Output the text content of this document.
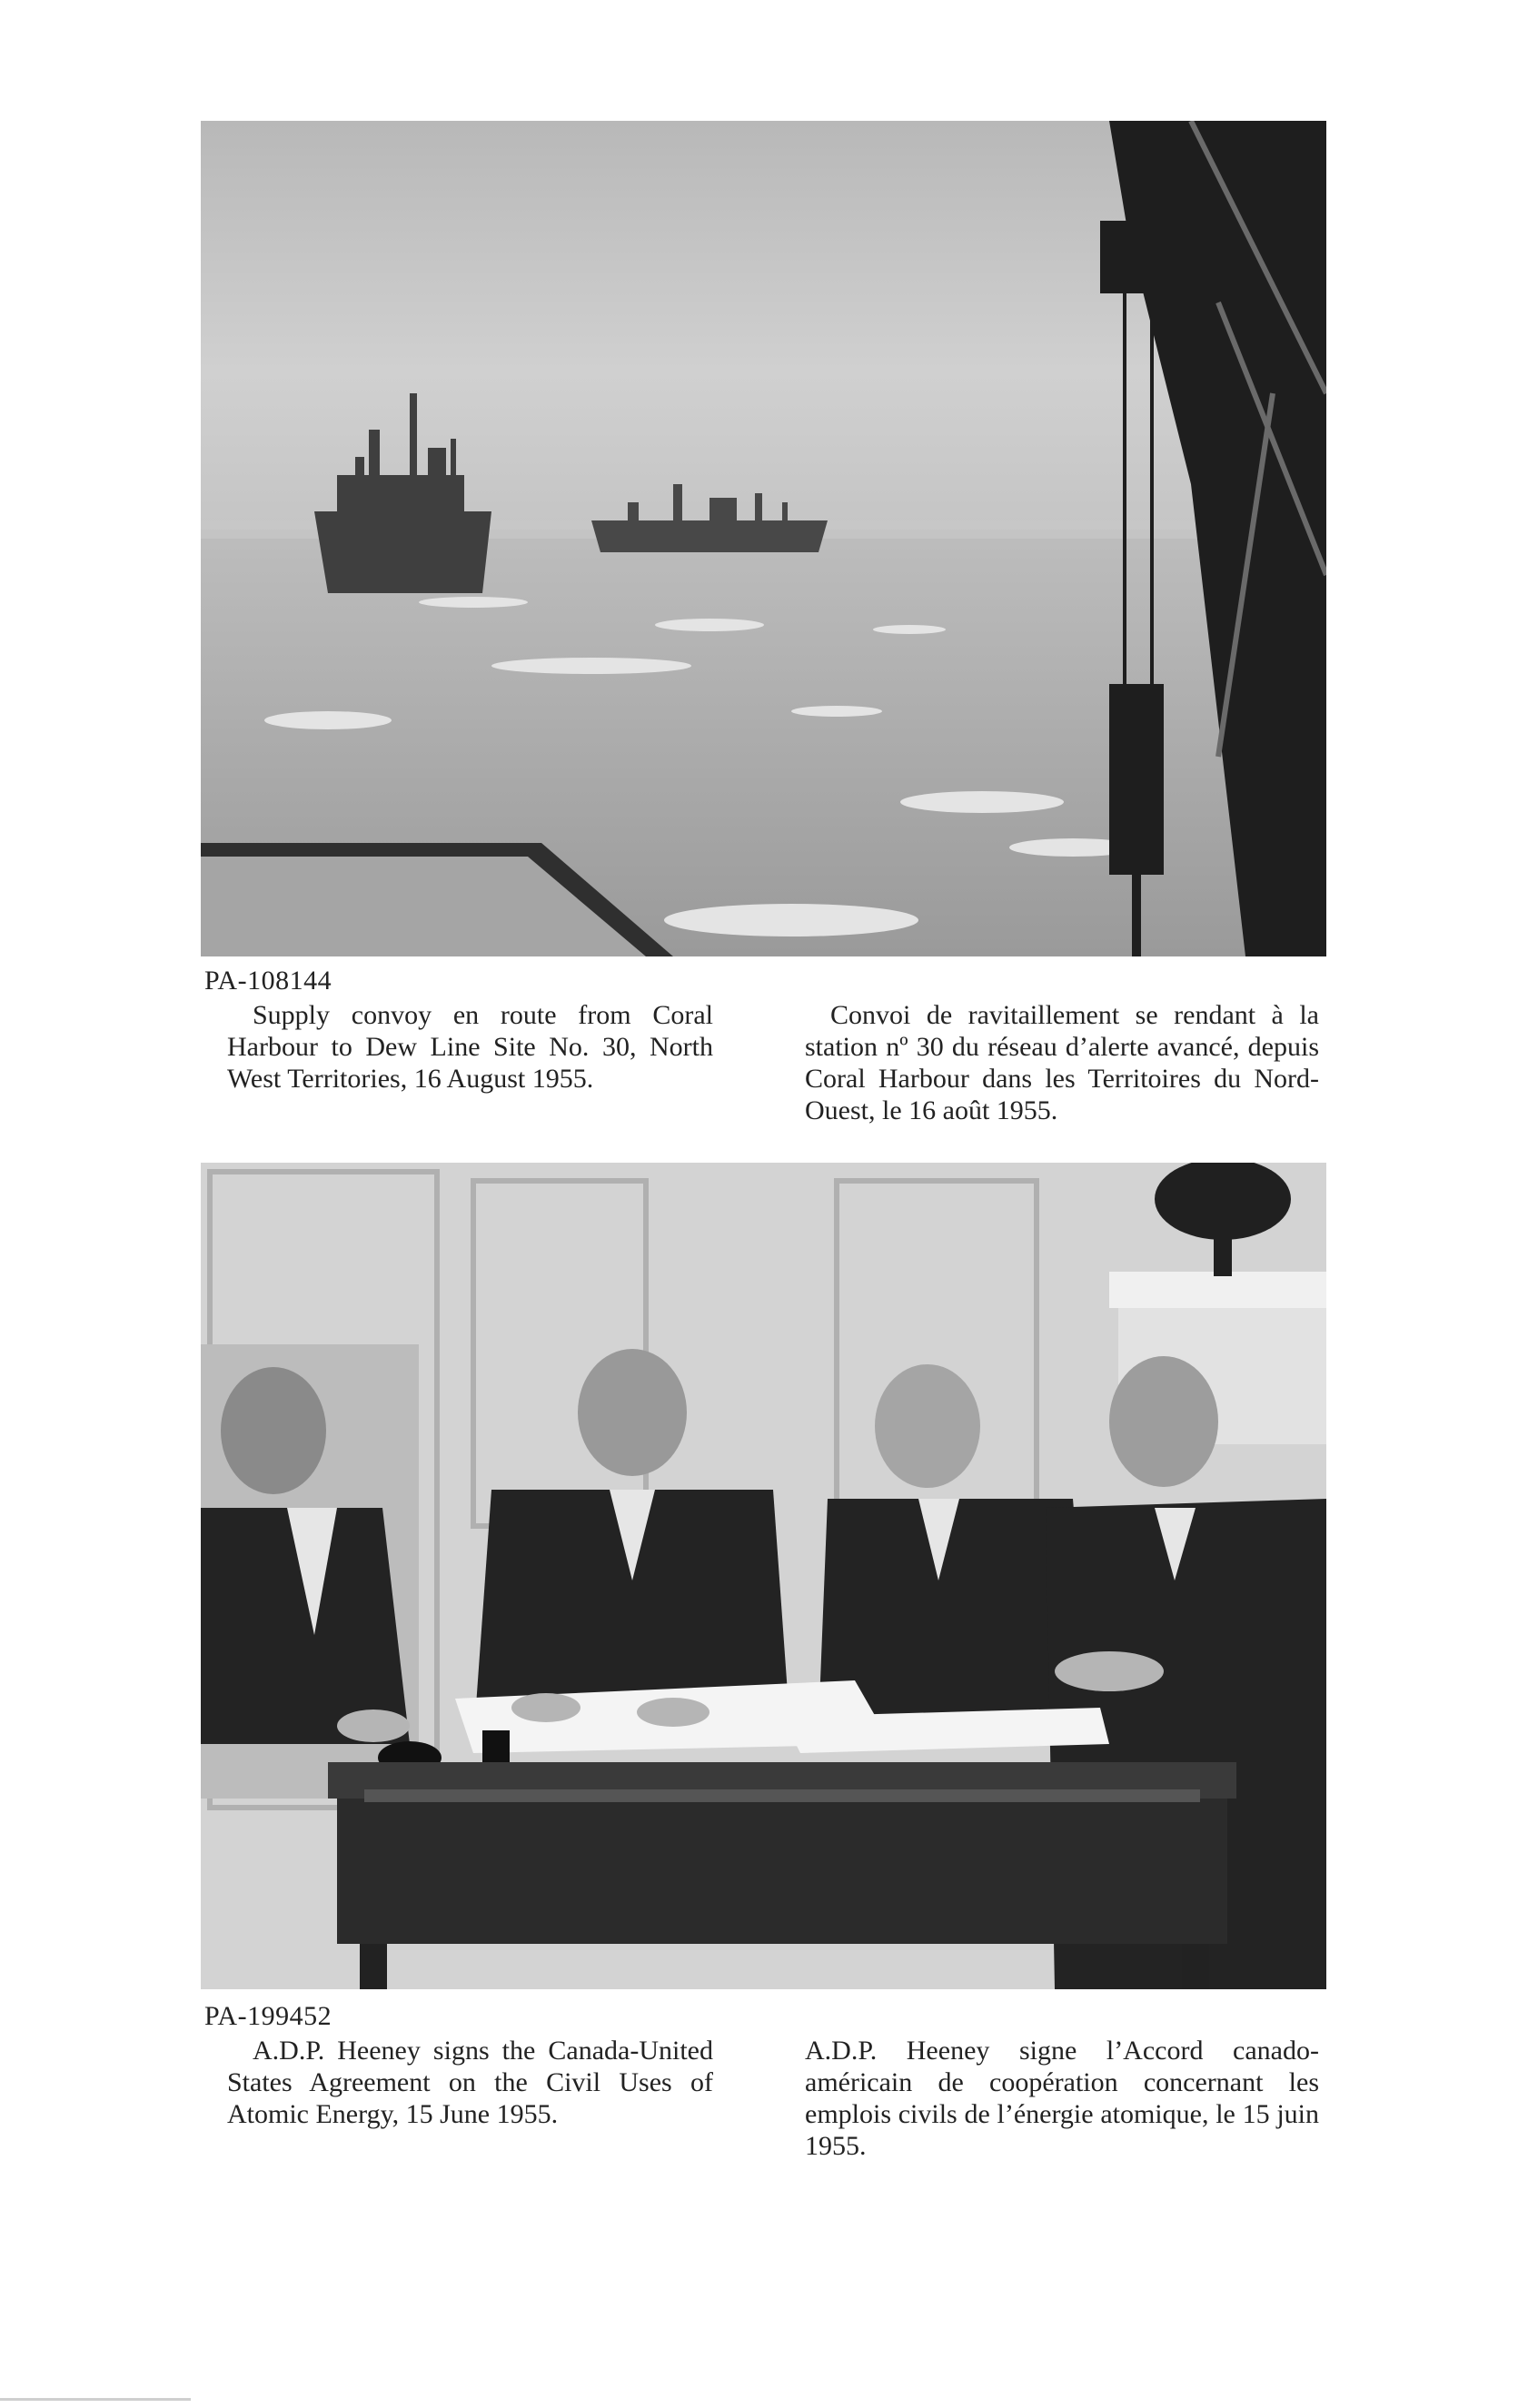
PA-108144
Supply convoy en route from Coral Harbour to Dew Line Site No. 30, North West Territories, 16 August 1955.
Convoi de ravitaillement se rendant à la station nº 30 du réseau d’alerte avancé, depuis Coral Harbour dans les Territoires du Nord-Ouest, le 16 août 1955.
PA-199452
A.D.P. Heeney signs the Canada-United States Agreement on the Civil Uses of Atomic Energy, 15 June 1955.
A.D.P. Heeney signe l’Accord canado-américain de coopération concernant les emplois civils de l’énergie atomique, le 15 juin 1955.
